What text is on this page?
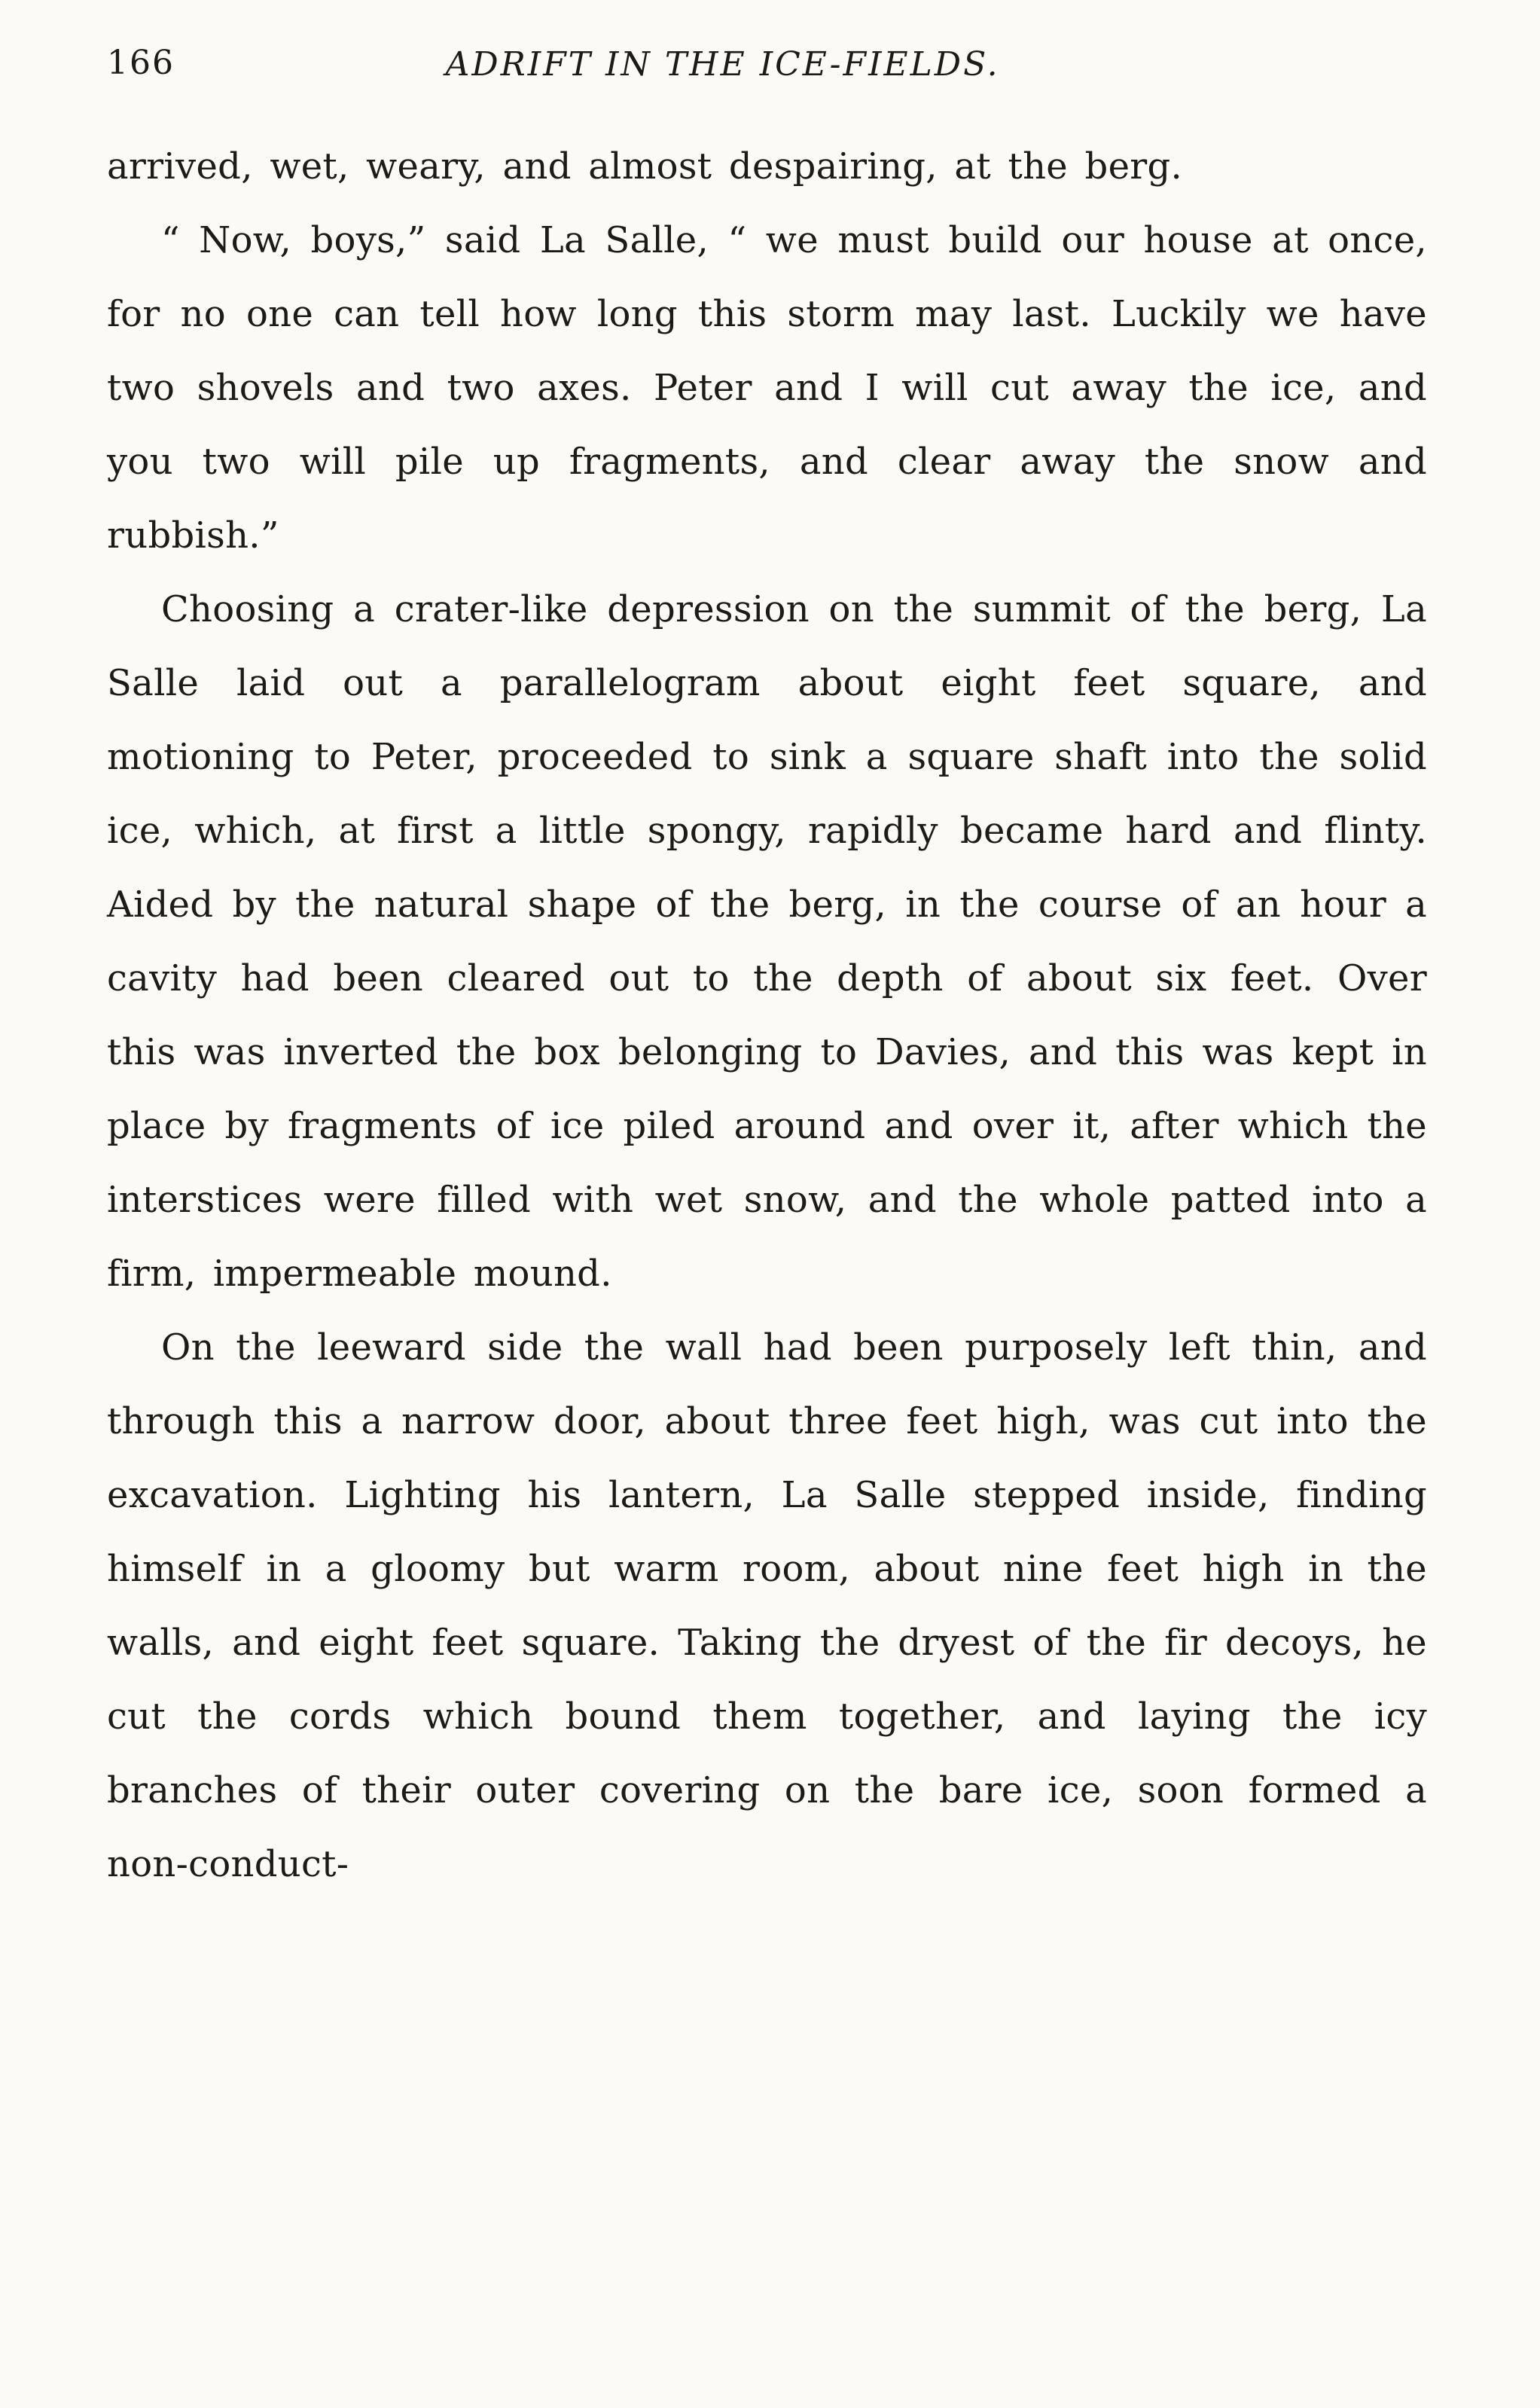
166	ADRIFT IN THE ICE-FIELDS.

arrived, wet, weary, and almost despairing, at the berg.

“ Now, boys,” said La Salle, “ we must build our house at once, for no one can tell how long this storm may last. Luckily we have two shovels and two axes. Peter and I will cut away the ice, and you two will pile up fragments, and clear away the snow and rubbish.”

Choosing a crater-like depression on the summit of the berg, La Salle laid out a parallelogram about eight feet square, and motioning to Peter, proceeded to sink a square shaft into the solid ice, which, at first a little spongy, rapidly became hard and flinty. Aided by the natural shape of the berg, in the course of an hour a cavity had been cleared out to the depth of about six feet. Over this was inverted the box belonging to Davies, and this was kept in place by fragments of ice piled around and over it, after which the interstices were filled with wet snow, and the whole patted into a firm, impermeable mound.

On the leeward side the wall had been purposely left thin, and through this a narrow door, about three feet high, was cut into the excavation. Lighting his lantern, La Salle stepped inside, finding himself in a gloomy but warm room, about nine feet high in the walls, and eight feet square. Taking the dryest of the fir decoys, he cut the cords which bound them together, and laying the icy branches of their outer covering on the bare ice, soon formed a non-conduct-
